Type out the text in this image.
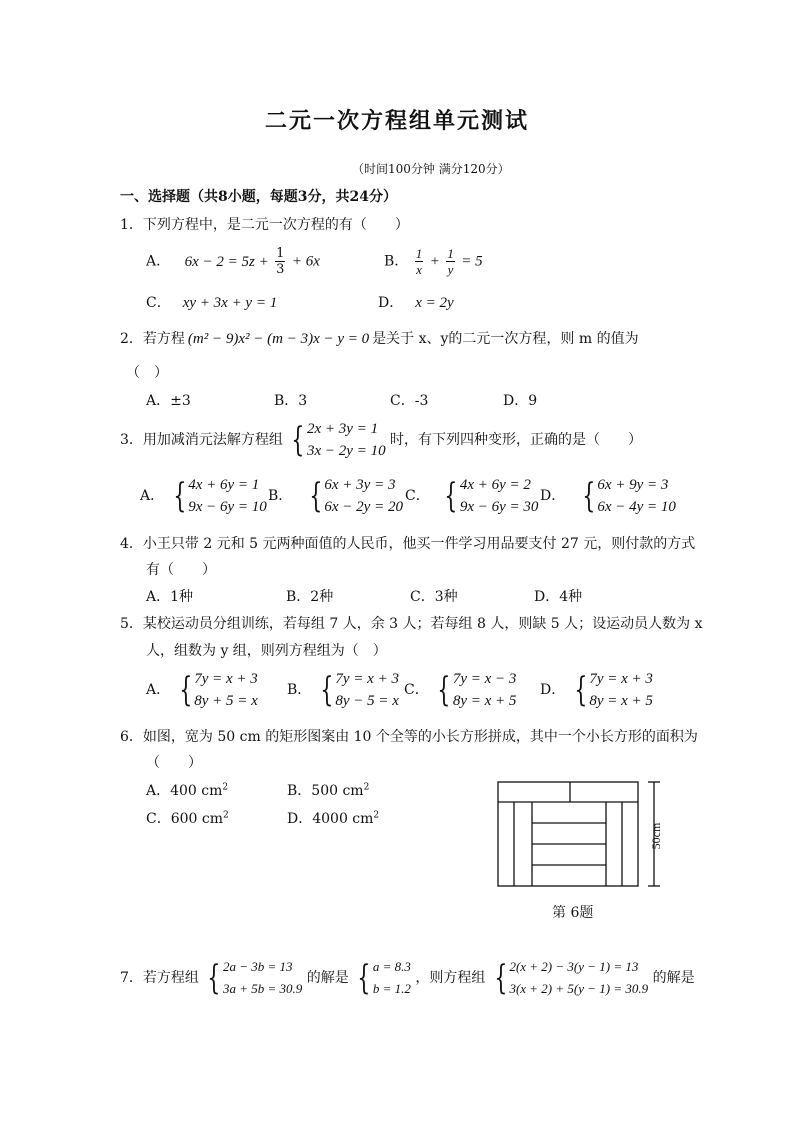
二元一次方程组单元测试
（时间100分钟 满分120分）
一、选择题（共8小题，每题3分，共24分）
1．下列方程中，是二元一次方程的有（　　）
A． $6x - 2 = 5z + \frac{1}{3} + 6x$	B． $\frac{1}{x} + \frac{1}{y} = 5$
C． xy + 3x + y = 1	D． x = 2y
2．若方程 (m² − 9)x² − (m − 3)x − y = 0 是关于 x、y的二元一次方程，则 m 的值为
（　）
A．±3	B．3	C．-3	D．9
3．用加减消元法解方程组 { 2x + 3y = 1
3x − 2y = 10
时，有下列四种变形，正确的是（　　）
A． { 4x + 6y = 1
9x − 6y = 10
B． { 6x + 3y = 3
6x − 2y = 20
C． { 4x + 6y = 2
9x − 6y = 30
D． { 6x + 9y = 3
6x − 4y = 10
4．小王只带 2 元和 5 元两种面值的人民币，他买一件学习用品要支付 27 元，则付款的方式
有（　　）
A．1种	B．2种	C．3种	D．4种
5．某校运动员分组训练，若每组 7 人，余 3 人；若每组 8 人，则缺 5 人；设运动员人数为 x
人，组数为 y 组，则列方程组为（　）
A． { 7y = x + 3
8y + 5 = x
B． { 7y = x + 3
8y − 5 = x
C． { 7y = x − 3
8y = x + 5
D． { 7y = x + 3
8y = x + 5
6．如图，宽为 50 cm 的矩形图案由 10 个全等的小长方形拼成，其中一个小长方形的面积为
（　　）
A．400 $cm^2$	B．500 $cm^2$
C．600 $cm^2$	D．4000 $cm^2$
50cm
第 6题
7．若方程组 { 2a − 3b = 13
3a + 5b = 30.9
的解是 { a = 8.3
b = 1.2
，则方程组 { 2(x + 2) − 3(y − 1) = 13
3(x + 2) + 5(y − 1) = 30.9
的解是
